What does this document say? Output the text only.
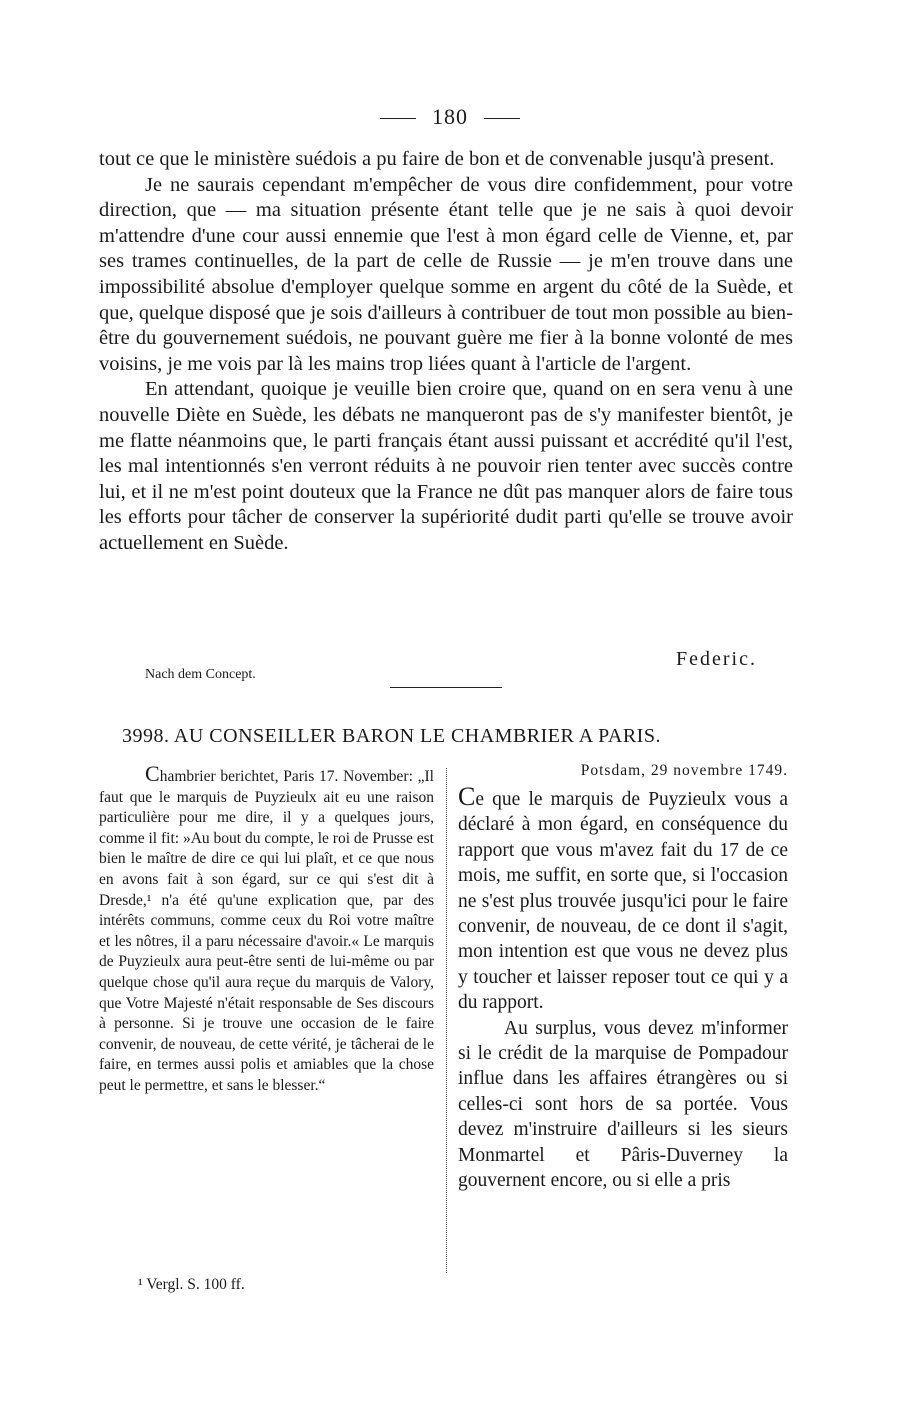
180

tout ce que le ministère suédois a pu faire de bon et de convenable jusqu'à present.

Je ne saurais cependant m'empêcher de vous dire confidemment, pour votre direction, que — ma situation présente étant telle que je ne sais à quoi devoir m'attendre d'une cour aussi ennemie que l'est à mon égard celle de Vienne, et, par ses trames continuelles, de la part de celle de Russie — je m'en trouve dans une impossibilité absolue d'employer quelque somme en argent du côté de la Suède, et que, quelque disposé que je sois d'ailleurs à contribuer de tout mon possible au bien-être du gouvernement suédois, ne pouvant guère me fier à la bonne volonté de mes voisins, je me vois par là les mains trop liées quant à l'article de l'argent.

En attendant, quoique je veuille bien croire que, quand on en sera venu à une nouvelle Diète en Suède, les débats ne manqueront pas de s'y manifester bientôt, je me flatte néanmoins que, le parti français étant aussi puissant et accrédité qu'il l'est, les mal intentionnés s'en verront réduits à ne pouvoir rien tenter avec succès contre lui, et il ne m'est point douteux que la France ne dût pas manquer alors de faire tous les efforts pour tâcher de conserver la supériorité dudit parti qu'elle se trouve avoir actuellement en Suède.

Federic.
Nach dem Concept.
3998. AU CONSEILLER BARON LE CHAMBRIER A PARIS.

Chambrier berichtet, Paris 17. November: „Il faut que le marquis de Puyzieulx ait eu une raison particulière pour me dire, il y a quelques jours, comme il fit: »Au bout du compte, le roi de Prusse est bien le maître de dire ce qui lui plaît, et ce que nous en avons fait à son égard, sur ce qui s'est dit à Dresde,¹ n'a été qu'une explication que, par des intérêts communs, comme ceux du Roi votre maître et les nôtres, il a paru nécessaire d'avoir.« Le marquis de Puyzieulx aura peut-être senti de lui-même ou par quelque chose qu'il aura reçue du marquis de Valory, que Votre Majesté n'était responsable de Ses discours à personne. Si je trouve une occasion de le faire convenir, de nouveau, de cette vérité, je tâcherai de le faire, en termes aussi polis et amiables que la chose peut le permettre, et sans le blesser.“

Potsdam, 29 novembre 1749.

Ce que le marquis de Puyzieulx vous a déclaré à mon égard, en conséquence du rapport que vous m'avez fait du 17 de ce mois, me suffit, en sorte que, si l'occasion ne s'est plus trouvée jusqu'ici pour le faire convenir, de nouveau, de ce dont il s'agit, mon intention est que vous ne devez plus y toucher et laisser reposer tout ce qui y a du rapport.

Au surplus, vous devez m'informer si le crédit de la marquise de Pompadour influe dans les affaires étrangères ou si celles-ci sont hors de sa portée. Vous devez m'instruire d'ailleurs si les sieurs Monmartel et Pâris-Duverney la gouvernent encore, ou si elle a pris

¹ Vergl. S. 100 ff.
